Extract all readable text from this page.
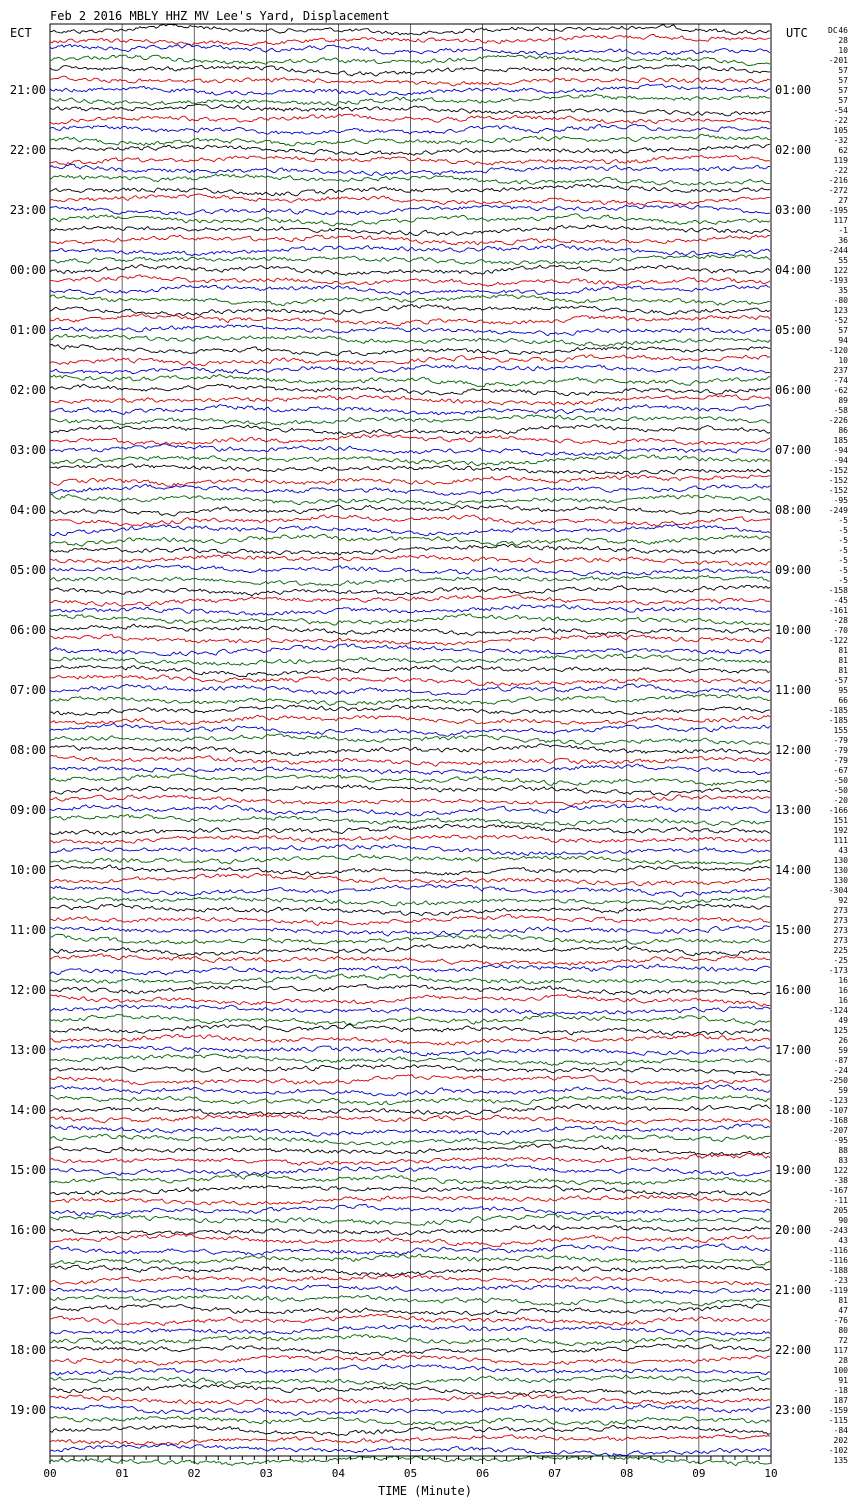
Feb 2 2016 MBLY HHZ MV Lee's Yard, Displacement
ECT	UTC	DC
TIME (Minute)
21:00
22:00
23:00
00:00
01:00
02:00
03:00
04:00
05:00
06:00
07:00
08:00
09:00
10:00
11:00
12:00
13:00
14:00
15:00
16:00
17:00
18:00
19:00
01:00
02:00
03:00
04:00
05:00
06:00
07:00
08:00
09:00
10:00
11:00
12:00
13:00
14:00
15:00
16:00
17:00
18:00
19:00
20:00
21:00
22:00
23:00
46
28
10
-201
57
57
57
57
-54
-22
105
-32
62
119
-22
-216
-272
27
-195
117
-1
36
-244
55
122
-193
35
-80
123
-52
57
94
-120
10
237
-74
-62
89
-58
-226
86
185
-94
-94
-152
-152
-152
-95
-249
-5
-5
-5
-5
-5
-5
-5
-158
-45
-161
-28
-70
-122
81
81
81
-57
95
66
-185
-185
155
-79
-79
-79
-67
-50
-50
-20
-166
151
192
111
43
130
130
130
-304
92
273
273
273
273
225
-25
-173
16
16
16
-124
49
125
26
59
-87
-24
-250
59
-123
-107
-168
-207
-95
88
83
122
-38
-167
-11
205
90
-243
43
-116
-116
-188
-23
-119
81
47
-76
80
72
117
28
100
91
-18
187
-159
-115
-84
202
-102
135
00	01	02	03	04	05	06	07	08	09	10
